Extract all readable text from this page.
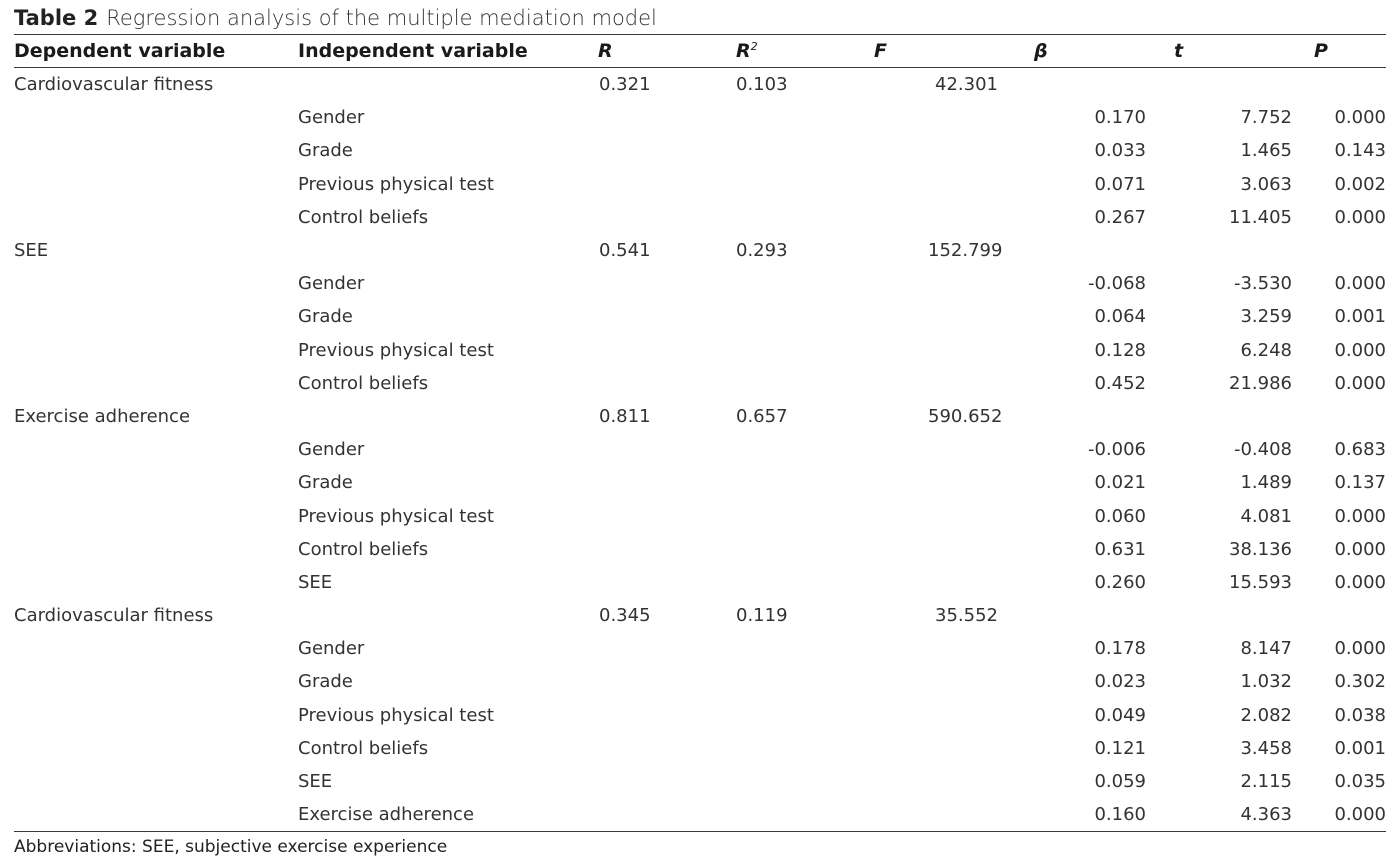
Table 2 Regression analysis of the multiple mediation model
Dependent variable	Independent variable	R	$R^2$	F	β	t	P
Cardiovascular fitness		0.321	0.103	42.301			
	Gender				0.170	7.752	0.000
	Grade				0.033	1.465	0.143
	Previous physical test				0.071	3.063	0.002
	Control beliefs				0.267	11.405	0.000
SEE		0.541	0.293	152.799			
	Gender				-0.068	-3.530	0.000
	Grade				0.064	3.259	0.001
	Previous physical test				0.128	6.248	0.000
	Control beliefs				0.452	21.986	0.000
Exercise adherence		0.811	0.657	590.652			
	Gender				-0.006	-0.408	0.683
	Grade				0.021	1.489	0.137
	Previous physical test				0.060	4.081	0.000
	Control beliefs				0.631	38.136	0.000
	SEE				0.260	15.593	0.000
Cardiovascular fitness		0.345	0.119	35.552			
	Gender				0.178	8.147	0.000
	Grade				0.023	1.032	0.302
	Previous physical test				0.049	2.082	0.038
	Control beliefs				0.121	3.458	0.001
	SEE				0.059	2.115	0.035
	Exercise adherence				0.160	4.363	0.000
Abbreviations: SEE, subjective exercise experience
